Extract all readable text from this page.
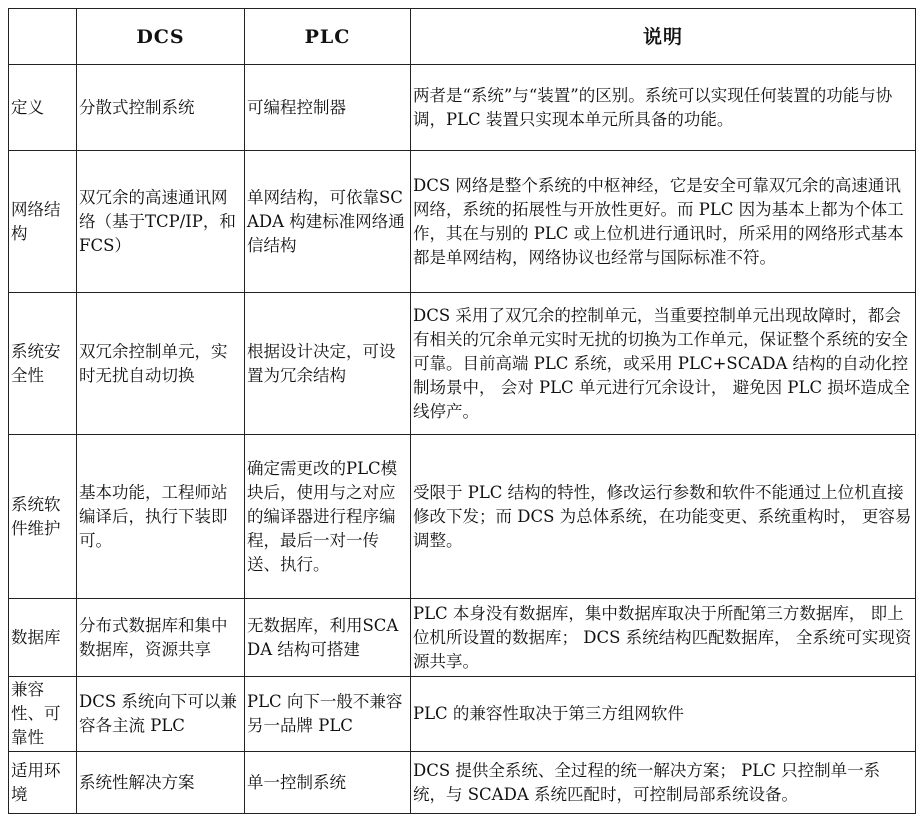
	DCS	PLC	说明
定义	分散式控制系统	可编程控制器	两者是“系统”与“装置”的区别。系统可以实现任何装置的功能与协调，PLC 装置只实现本单元所具备的功能。
网络结构	双冗余的高速通讯网络（基于TCP/IP，和 FCS）	单网结构，可依靠SCADA 构建标准网络通信结构	DCS 网络是整个系统的中枢神经，它是安全可靠双冗余的高速通讯网络，系统的拓展性与开放性更好。而 PLC 因为基本上都为个体工作，其在与别的 PLC 或上位机进行通讯时，所采用的网络形式基本都是单网结构，网络协议也经常与国际标准不符。
系统安全性	双冗余控制单元，实时无扰自动切换	根据设计决定，可设置为冗余结构	DCS 采用了双冗余的控制单元，当重要控制单元出现故障时，都会有相关的冗余单元实时无扰的切换为工作单元，保证整个系统的安全可靠。目前高端 PLC 系统，或采用 PLC+SCADA 结构的自动化控制场景中， 会对 PLC 单元进行冗余设计， 避免因 PLC 损坏造成全线停产。
系统软件维护	基本功能，工程师站编译后，执行下装即可。	确定需更改的PLC模块后，使用与之对应的编译器进行程序编程，最后一对一传送、执行。	受限于 PLC 结构的特性，修改运行参数和软件不能通过上位机直接修改下发；而 DCS 为总体系统，在功能变更、系统重构时， 更容易调整。
数据库	分布式数据库和集中数据库，资源共享	无数据库，利用SCADA 结构可搭建	PLC 本身没有数据库，集中数据库取决于所配第三方数据库， 即上位机所设置的数据库； DCS 系统结构匹配数据库， 全系统可实现资源共享。
兼容性、可靠性	DCS 系统向下可以兼容各主流 PLC	PLC 向下一般不兼容另一品牌 PLC	PLC 的兼容性取决于第三方组网软件
适用环境	系统性解决方案	单一控制系统	DCS 提供全系统、全过程的统一解决方案； PLC 只控制单一系统，与 SCADA 系统匹配时，可控制局部系统设备。
